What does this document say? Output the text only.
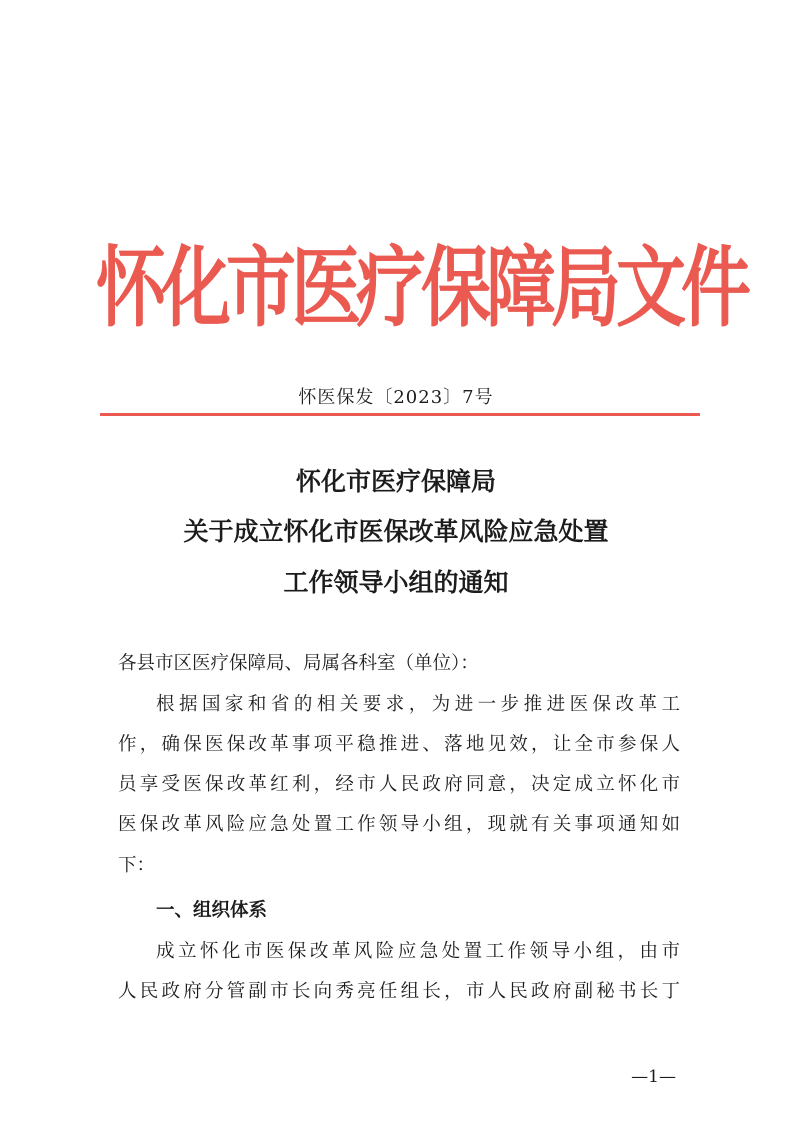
怀化市医疗保障局文件
怀医保发〔2023〕7号
怀化市医疗保障局
关于成立怀化市医保改革风险应急处置
工作领导小组的通知

各县市区医疗保障局、局属各科室（单位）：

根据国家和省的相关要求，为进一步推进医保改革工

作，确保医保改革事项平稳推进、落地见效，让全市参保人

员享受医保改革红利，经市人民政府同意，决定成立怀化市

医保改革风险应急处置工作领导小组，现就有关事项通知如

下：

一、组织体系

成立怀化市医保改革风险应急处置工作领导小组，由市

人民政府分管副市长向秀亮任组长，市人民政府副秘书长丁

—1—
